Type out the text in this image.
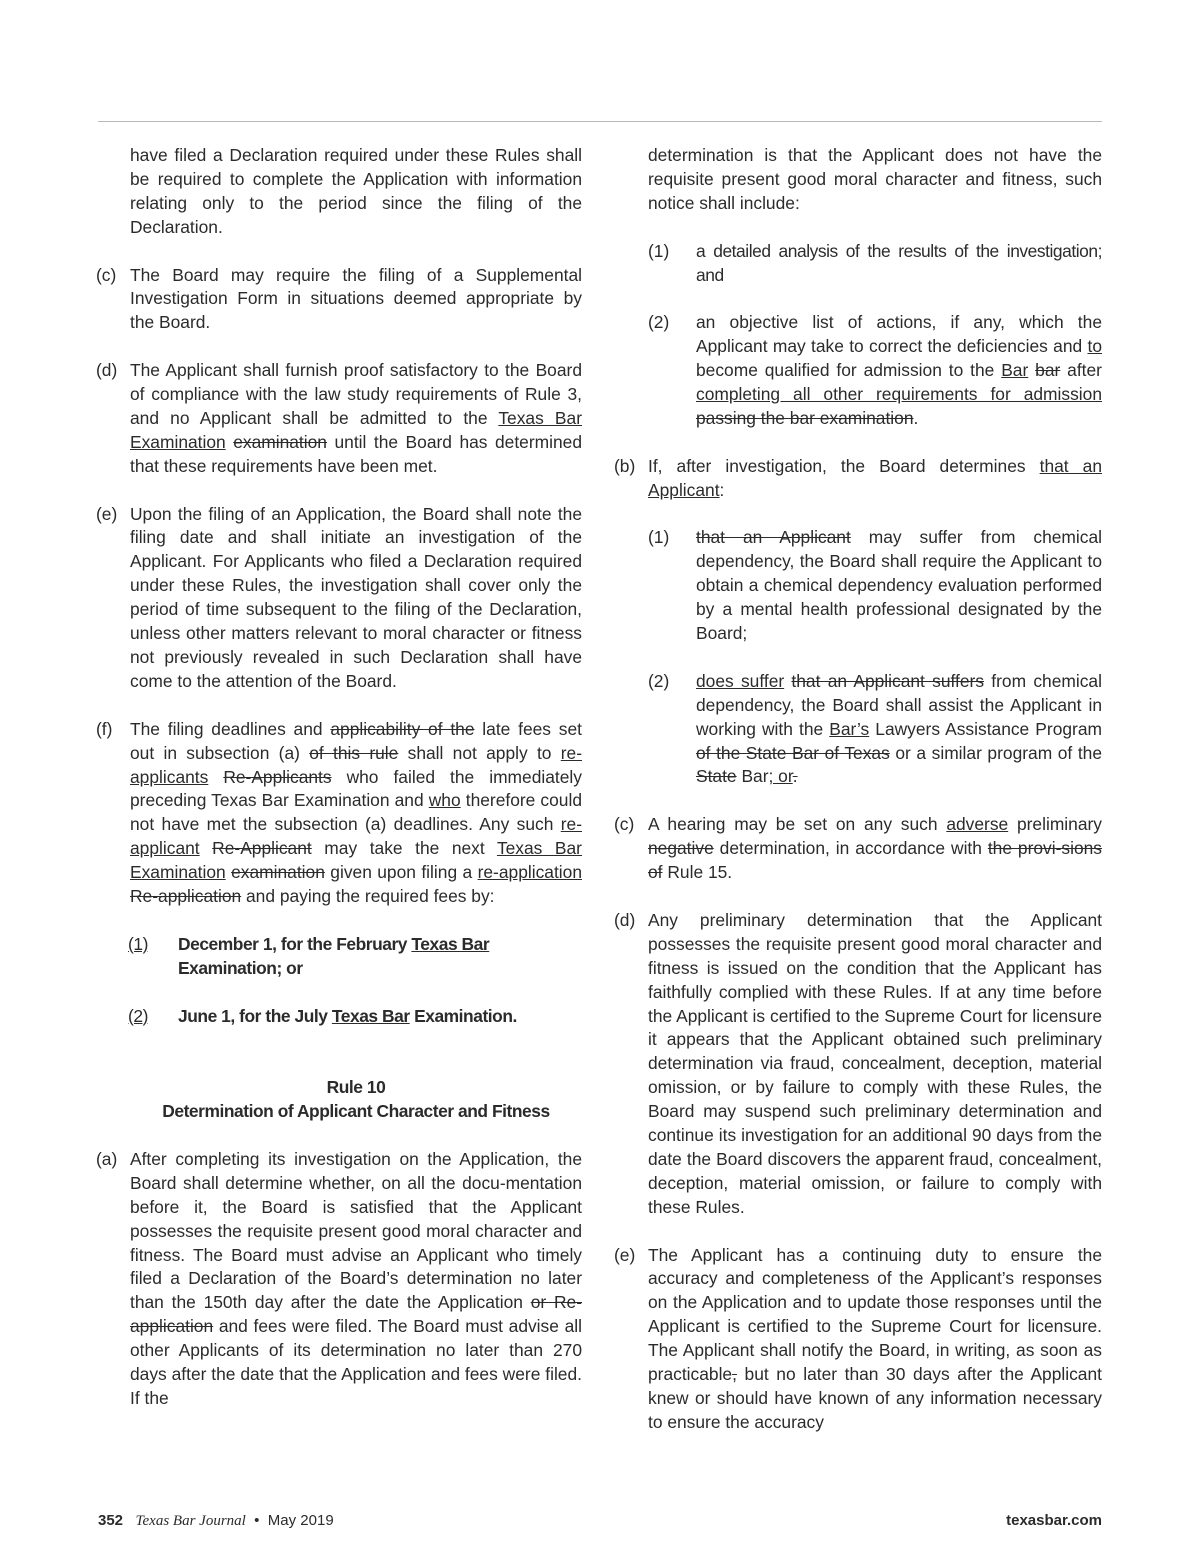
have filed a Declaration required under these Rules shall be required to complete the Application with information relating only to the period since the filing of the Declaration.

(c) The Board may require the filing of a Supplemental Investigation Form in situations deemed appropriate by the Board.
(d) The Applicant shall furnish proof satisfactory to the Board of compliance with the law study requirements of Rule 3, and no Applicant shall be admitted to the Texas Bar Examination examination until the Board has determined that these requirements have been met.
(e) Upon the filing of an Application, the Board shall note the filing date and shall initiate an investigation of the Applicant. For Applicants who filed a Declaration required under these Rules, the investigation shall cover only the period of time subsequent to the filing of the Declaration, unless other matters relevant to moral character or fitness not previously revealed in such Declaration shall have come to the attention of the Board.
(f) The filing deadlines and applicability of the late fees set out in subsection (a) of this rule shall not apply to re-applicants Re-Applicants who failed the immediately preceding Texas Bar Examination and who therefore could not have met the subsection (a) deadlines. Any such re-applicant Re-Applicant may take the next Texas Bar Examination examination given upon filing a re-application Re-application and paying the required fees by:
(1) December 1, for the February Texas Bar Examination; or
(2) June 1, for the July Texas Bar Examination.

Rule 10

Determination of Applicant Character and Fitness

(a) After completing its investigation on the Application, the Board shall determine whether, on all the docu-mentation before it, the Board is satisfied that the Applicant possesses the requisite present good moral character and fitness. The Board must advise an Applicant who timely filed a Declaration of the Board’s determination no later than the 150th day after the date the Application or Re-application and fees were filed. The Board must advise all other Applicants of its determination no later than 270 days after the date that the Application and fees were filed. If the

determination is that the Applicant does not have the requisite present good moral character and fitness, such notice shall include:

(1) a detailed analysis of the results of the investigation; and
(2) an objective list of actions, if any, which the Applicant may take to correct the deficiencies and to become qualified for admission to the Bar bar after completing all other requirements for admission passing the bar examination.
(b) If, after investigation, the Board determines that an Applicant:
(1) that an Applicant may suffer from chemical dependency, the Board shall require the Applicant to obtain a chemical dependency evaluation performed by a mental health professional designated by the Board;
(2) does suffer that an Applicant suffers from chemical dependency, the Board shall assist the Applicant in working with the Bar’s Lawyers Assistance Program of the State Bar of Texas or a similar program of the State Bar; or.
(c) A hearing may be set on any such adverse preliminary negative determination, in accordance with the provi-sions of Rule 15.
(d) Any preliminary determination that the Applicant possesses the requisite present good moral character and fitness is issued on the condition that the Applicant has faithfully complied with these Rules. If at any time before the Applicant is certified to the Supreme Court for licensure it appears that the Applicant obtained such preliminary determination via fraud, concealment, deception, material omission, or by failure to comply with these Rules, the Board may suspend such preliminary determination and continue its investigation for an additional 90 days from the date the Board discovers the apparent fraud, concealment, deception, material omission, or failure to comply with these Rules.
(e) The Applicant has a continuing duty to ensure the accuracy and completeness of the Applicant’s responses on the Application and to update those responses until the Applicant is certified to the Supreme Court for licensure. The Applicant shall notify the Board, in writing, as soon as practicable, but no later than 30 days after the Applicant knew or should have known of any information necessary to ensure the accuracy
352 Texas Bar Journal • May 2019	texasbar.com
